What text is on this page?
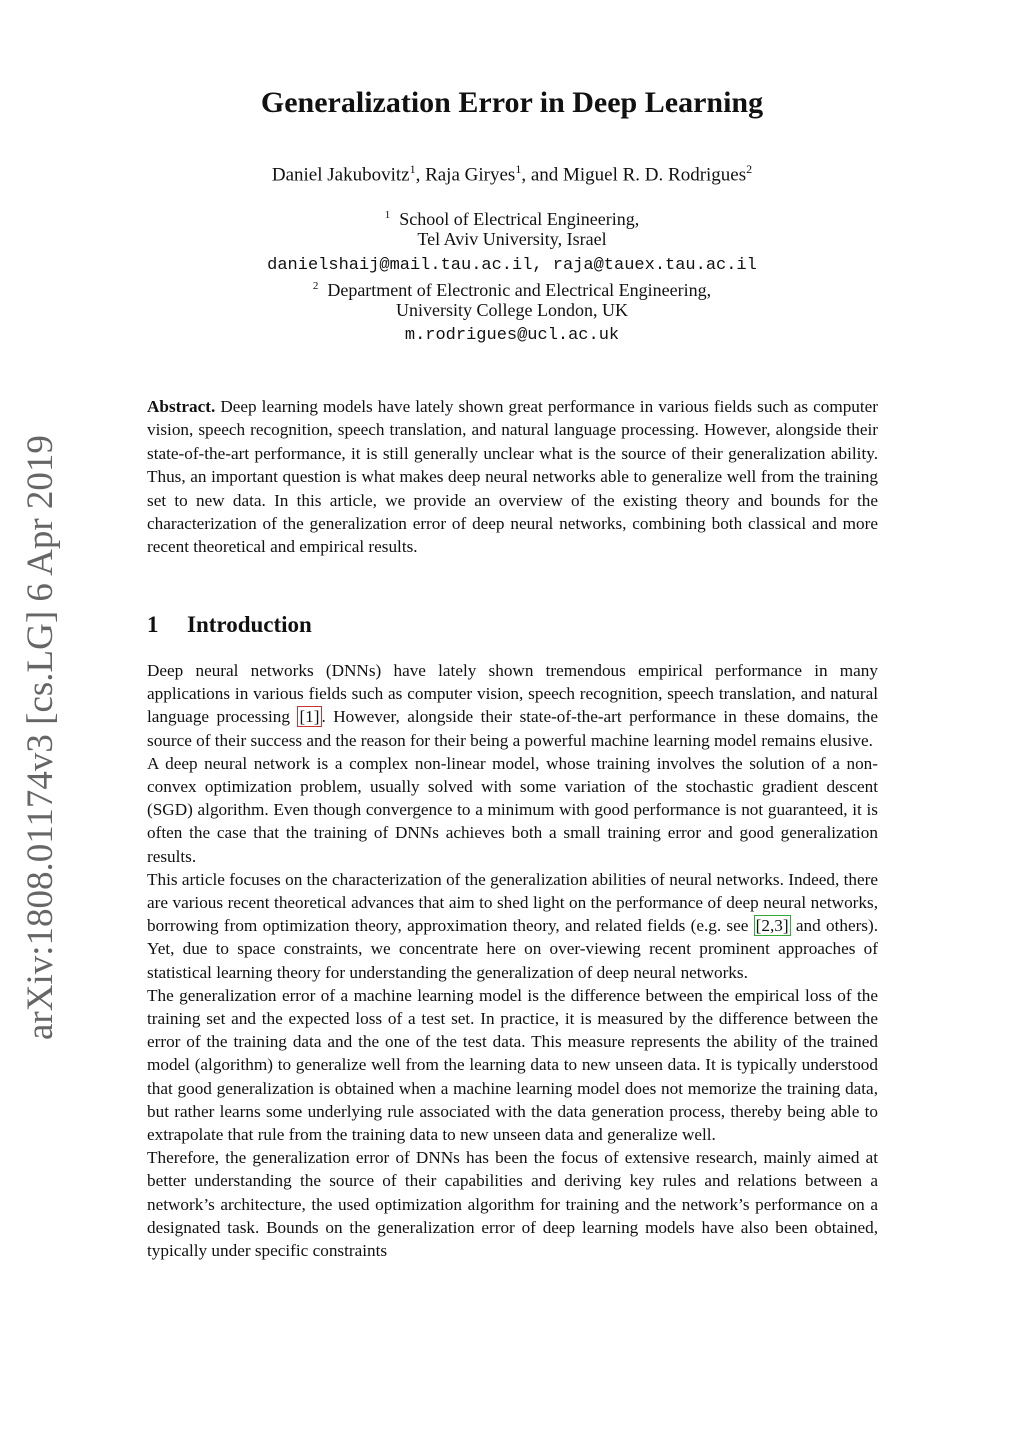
arXiv:1808.01174v3 [cs.LG] 6 Apr 2019
Generalization Error in Deep Learning
Daniel Jakubovitz$^1$, Raja Giryes$^1$, and Miguel R. D. Rodrigues$^2$
$^1$ School of Electrical Engineering,
Tel Aviv University, Israel
danielshaij@mail.tau.ac.il, raja@tauex.tau.ac.il
$^2$ Department of Electronic and Electrical Engineering,
University College London, UK
m.rodrigues@ucl.ac.uk
Abstract. Deep learning models have lately shown great performance in various fields such as computer vision, speech recognition, speech translation, and natural language processing. However, alongside their state-of-the-art performance, it is still generally unclear what is the source of their generalization ability. Thus, an important question is what makes deep neural networks able to generalize well from the training set to new data. In this article, we provide an overview of the existing theory and bounds for the characterization of the generalization error of deep neural networks, combining both classical and more recent theoretical and empirical results.
1 Introduction

Deep neural networks (DNNs) have lately shown tremendous empirical performance in many applications in various fields such as computer vision, speech recognition, speech translation, and natural language processing [1] . However, alongside their state-of-the-art performance in these domains, the source of their success and the reason for their being a powerful machine learning model remains elusive.

A deep neural network is a complex non-linear model, whose training involves the solution of a non-convex optimization problem, usually solved with some variation of the stochastic gradient descent (SGD) algorithm. Even though convergence to a minimum with good performance is not guaranteed, it is often the case that the training of DNNs achieves both a small training error and good generalization results.

This article focuses on the characterization of the generalization abilities of neural networks. Indeed, there are various recent theoretical advances that aim to shed light on the performance of deep neural networks, borrowing from optimization theory, approximation theory, and related fields (e.g. see [2,3] and others). Yet, due to space constraints, we concentrate here on over-viewing recent prominent approaches of statistical learning theory for understanding the generalization of deep neural networks.

The generalization error of a machine learning model is the difference between the empirical loss of the training set and the expected loss of a test set. In practice, it is measured by the difference between the error of the training data and the one of the test data. This measure represents the ability of the trained model (algorithm) to generalize well from the learning data to new unseen data. It is typically understood that good generalization is obtained when a machine learning model does not memorize the training data, but rather learns some underlying rule associated with the data generation process, thereby being able to extrapolate that rule from the training data to new unseen data and generalize well.

Therefore, the generalization error of DNNs has been the focus of extensive research, mainly aimed at better understanding the source of their capabilities and deriving key rules and relations between a network’s architecture, the used optimization algorithm for training and the network’s performance on a designated task. Bounds on the generalization error of deep learning models have also been obtained, typically under specific constraints
